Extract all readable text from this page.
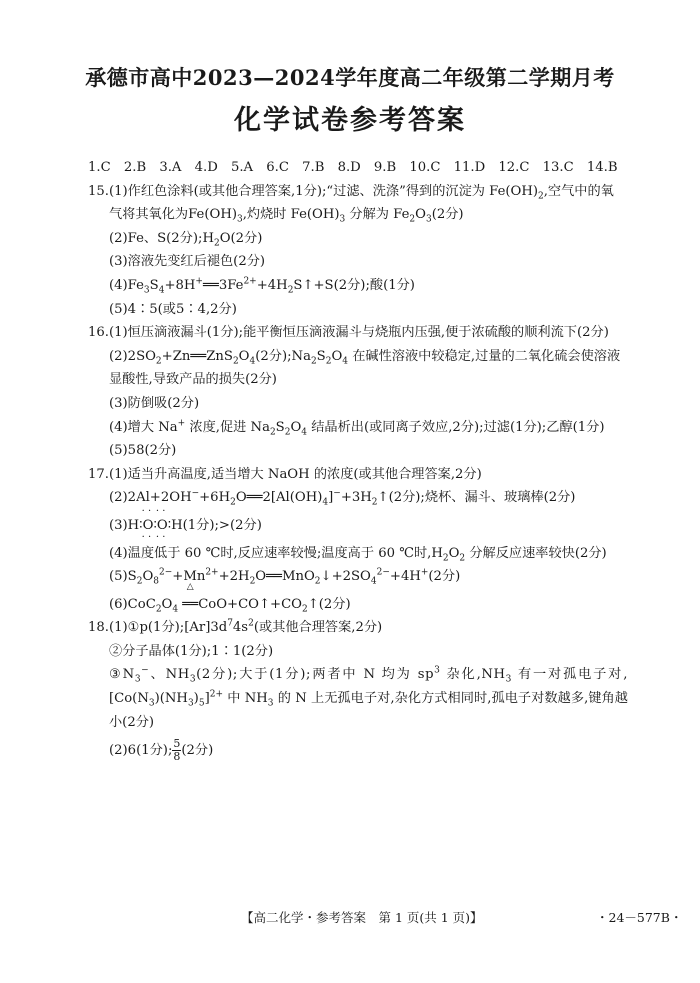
承德市高中2023—2024学年度高二年级第二学期月考
化学试卷参考答案
1.C　2.B　3.A　4.D　5.A　6.C　7.B　8.D　9.B　10.C　11.D　12.C　13.C　14.B
15.(1)作红色涂料(或其他合理答案,1分);“过滤、洗涤”得到的沉淀为 $Fe(OH)_2$,空气中的氧
气将其氧化为$Fe(OH)_3$,灼烧时 $Fe(OH)_3$ 分解为 $Fe_2O_3(2$分)
(2)Fe、S(2分)$;H_2O(2$分)
(3)溶液先变红后褪色(2分)
$(4)Fe_3S_4+8H^+══3Fe^{2+}+4H_2S↑+S(2$分);酸(1分)
(5)4∶5(或5∶4,2分)
16.(1)恒压滴液漏斗(1分);能平衡恒压滴液漏斗与烧瓶内压强,便于浓硫酸的顺利流下(2分)
$(2)2SO_2+Zn══ZnS_2O_4(2$分)$;Na_2S_2O_4$ 在碱性溶液中较稳定,过量的二氧化硫会使溶液
显酸性,导致产品的损失(2分)
(3)防倒吸(2分)
(4)增大 Na+ 浓度,促进 $Na_2S_2O_4$ 结晶析出(或同离子效应,2分);过滤(1分);乙醇(1分)
(5)58(2分)
17.(1)适当升高温度,适当增大 NaOH 的浓度(或其他合理答案,2分)
$(2)2Al+2OH^-+6H_2O══2[Al(OH)_4]^-+3H_2↑(2$分);烧杯、漏斗、玻璃棒(2分)
(3)H∶· · O · ·∶· · O · ·∶H(1分);>(2分)
(4)温度低于 60 ℃时,反应速率较慢;温度高于 60 ℃时$,H_2O_2$ 分解反应速率较快(2分)
$(5)S_2O_8^{2-}+Mn^{2+}+2H_2O══MnO_2↓+2SO_4^{2-}+4H^+(2$分)
$(6)CoC_2O_4$
△
$══CoO+CO↑+CO_2↑(2$分)
18.(1)①p(1分)$;[Ar]3d^74s^2$(或其他合理答案,2分)
②分子晶体(1分);1∶1(2分)
$③N_3^-$、$NH_3(2$分);大于(1分);两者中 N 均为 $sp^3$ 杂化$,NH_3$ 有一对孤电子对,
$[Co(N_3)(NH_3)_5]^{2+}$ 中 $NH_3$ 的 N 上无孤电子对,杂化方式相同时,孤电子对数越多,键角越
小(2分)
(2)6(1分); $\frac{5}{8} (2$分)
【高二化学・参考答案　第 1 页(共 1 页)】	・24－577B・
